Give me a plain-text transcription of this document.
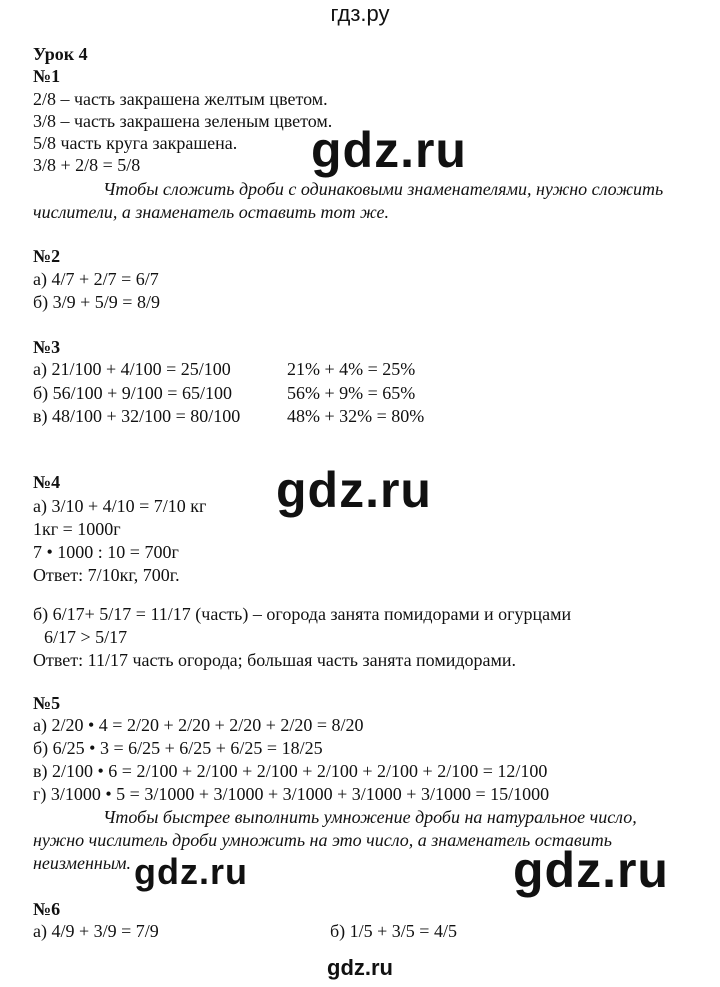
гдз.ру
Урок 4
№1
2/8 – часть закрашена желтым цветом.
3/8 – часть закрашена зеленым цветом.
5/8 часть круга закрашена.
3/8 + 2/8 = 5/8
Чтобы сложить дроби с одинаковыми знаменателями, нужно сложить
числители, а знаменатель оставить тот же.
№2
а) 4/7 + 2/7 = 6/7
б) 3/9 + 5/9 = 8/9
№3
а) 21/100 + 4/100 = 25/100	21% + 4% = 25%
б) 56/100 + 9/100 = 65/100	56% + 9% = 65%
в) 48/100 + 32/100 = 80/100	48% + 32% = 80%
№4
а) 3/10 + 4/10 = 7/10 кг
1кг = 1000г
7 • 1000 : 10 = 700г
Ответ: 7/10кг, 700г.
б) 6/17+ 5/17 = 11/17 (часть) – огорода занята помидорами и огурцами
6/17 > 5/17
Ответ: 11/17 часть огорода; большая часть занята помидорами.
№5
а) 2/20 • 4 = 2/20 + 2/20 + 2/20 + 2/20 = 8/20
б) 6/25 • 3 = 6/25 + 6/25 + 6/25 = 18/25
в) 2/100 • 6 = 2/100 + 2/100 + 2/100 + 2/100 + 2/100 + 2/100 = 12/100
г) 3/1000 • 5 = 3/1000 + 3/1000 + 3/1000 + 3/1000 + 3/1000 = 15/1000
Чтобы быстрее выполнить умножение дроби на натуральное число,
нужно числитель дроби умножить на это число, а знаменатель оставить
неизменным.
№6
а) 4/9 + 3/9 = 7/9	б) 1/5 + 3/5 = 4/5
gdz.ru
gdz.ru
gdz.ru	gdz.ru
gdz.ru
